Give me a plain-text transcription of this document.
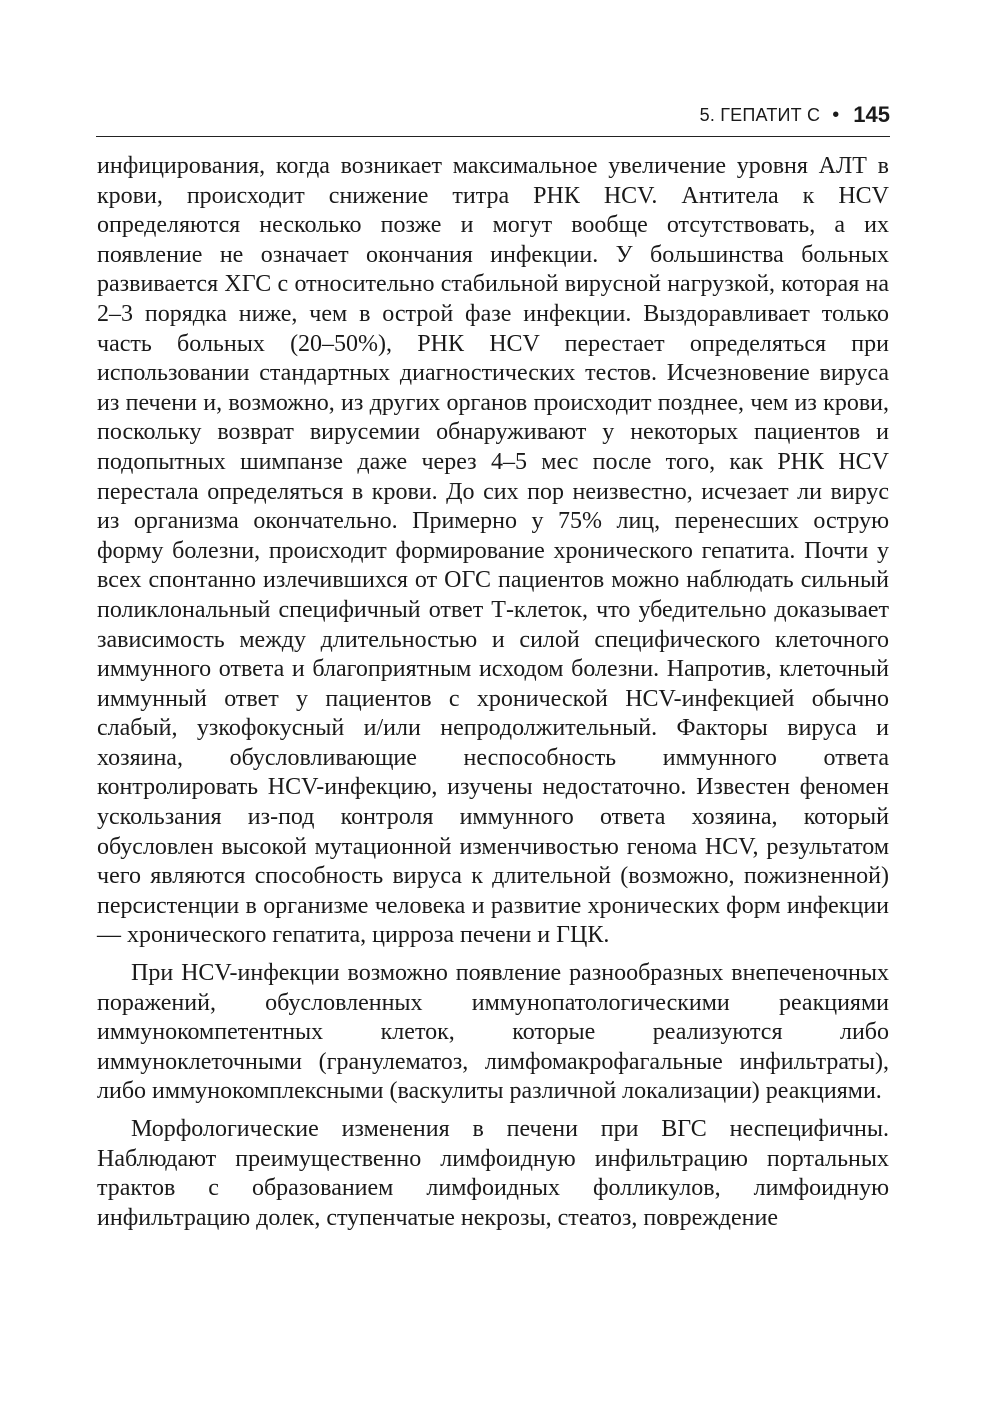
5. ГЕПАТИТ С • 145

инфицирования, когда возникает максимальное увеличение уровня АЛТ в крови, происходит снижение титра РНК HCV. Антитела к HCV определяются несколько позже и могут вообще отсутствовать, а их появление не означает окончания инфекции. У большинства больных развивается ХГС с относительно стабильной вирусной нагрузкой, которая на 2–3 порядка ниже, чем в острой фазе инфекции. Выздоравливает только часть больных (20–50%), РНК HCV перестает определяться при использовании стандартных диагностических тестов. Исчезновение вируса из печени и, возможно, из других органов происходит позднее, чем из крови, поскольку возврат вирусемии обнаруживают у некоторых пациентов и подопытных шимпанзе даже через 4–5 мес после того, как РНК HCV перестала определяться в крови. До сих пор неизвестно, исчезает ли вирус из организма окончательно. Примерно у 75% лиц, перенесших острую форму болезни, происходит формирование хронического гепатита. Почти у всех спонтанно излечившихся от ОГС пациентов можно наблюдать сильный поликлональный специфичный ответ Т-клеток, что убедительно доказывает зависимость между длительностью и силой специфического клеточного иммунного ответа и благоприятным исходом болезни. Напротив, клеточный иммунный ответ у пациентов с хронической HCV-инфекцией обычно слабый, узкофокусный и/или непродолжительный. Факторы вируса и хозяина, обусловливающие неспособность иммунного ответа контролировать HCV-инфекцию, изучены недостаточно. Известен феномен ускользания из-под контроля иммунного ответа хозяина, который обусловлен высокой мутационной изменчивостью генома HCV, результатом чего являются способность вируса к длительной (возможно, пожизненной) персистенции в организме человека и развитие хронических форм инфекции — хронического гепатита, цирроза печени и ГЦК.

При HCV-инфекции возможно появление разнообразных внепеченочных поражений, обусловленных иммунопатологическими реакциями иммунокомпетентных клеток, которые реализуются либо иммуноклеточными (гранулематоз, лимфомакрофагальные инфильтраты), либо иммунокомплексными (васкулиты различной локализации) реакциями.

Морфологические изменения в печени при ВГС неспецифичны. Наблюдают преимущественно лимфоидную инфильтрацию портальных трактов с образованием лимфоидных фолликулов, лимфоидную инфильтрацию долек, ступенчатые некрозы, стеатоз, повреждение
